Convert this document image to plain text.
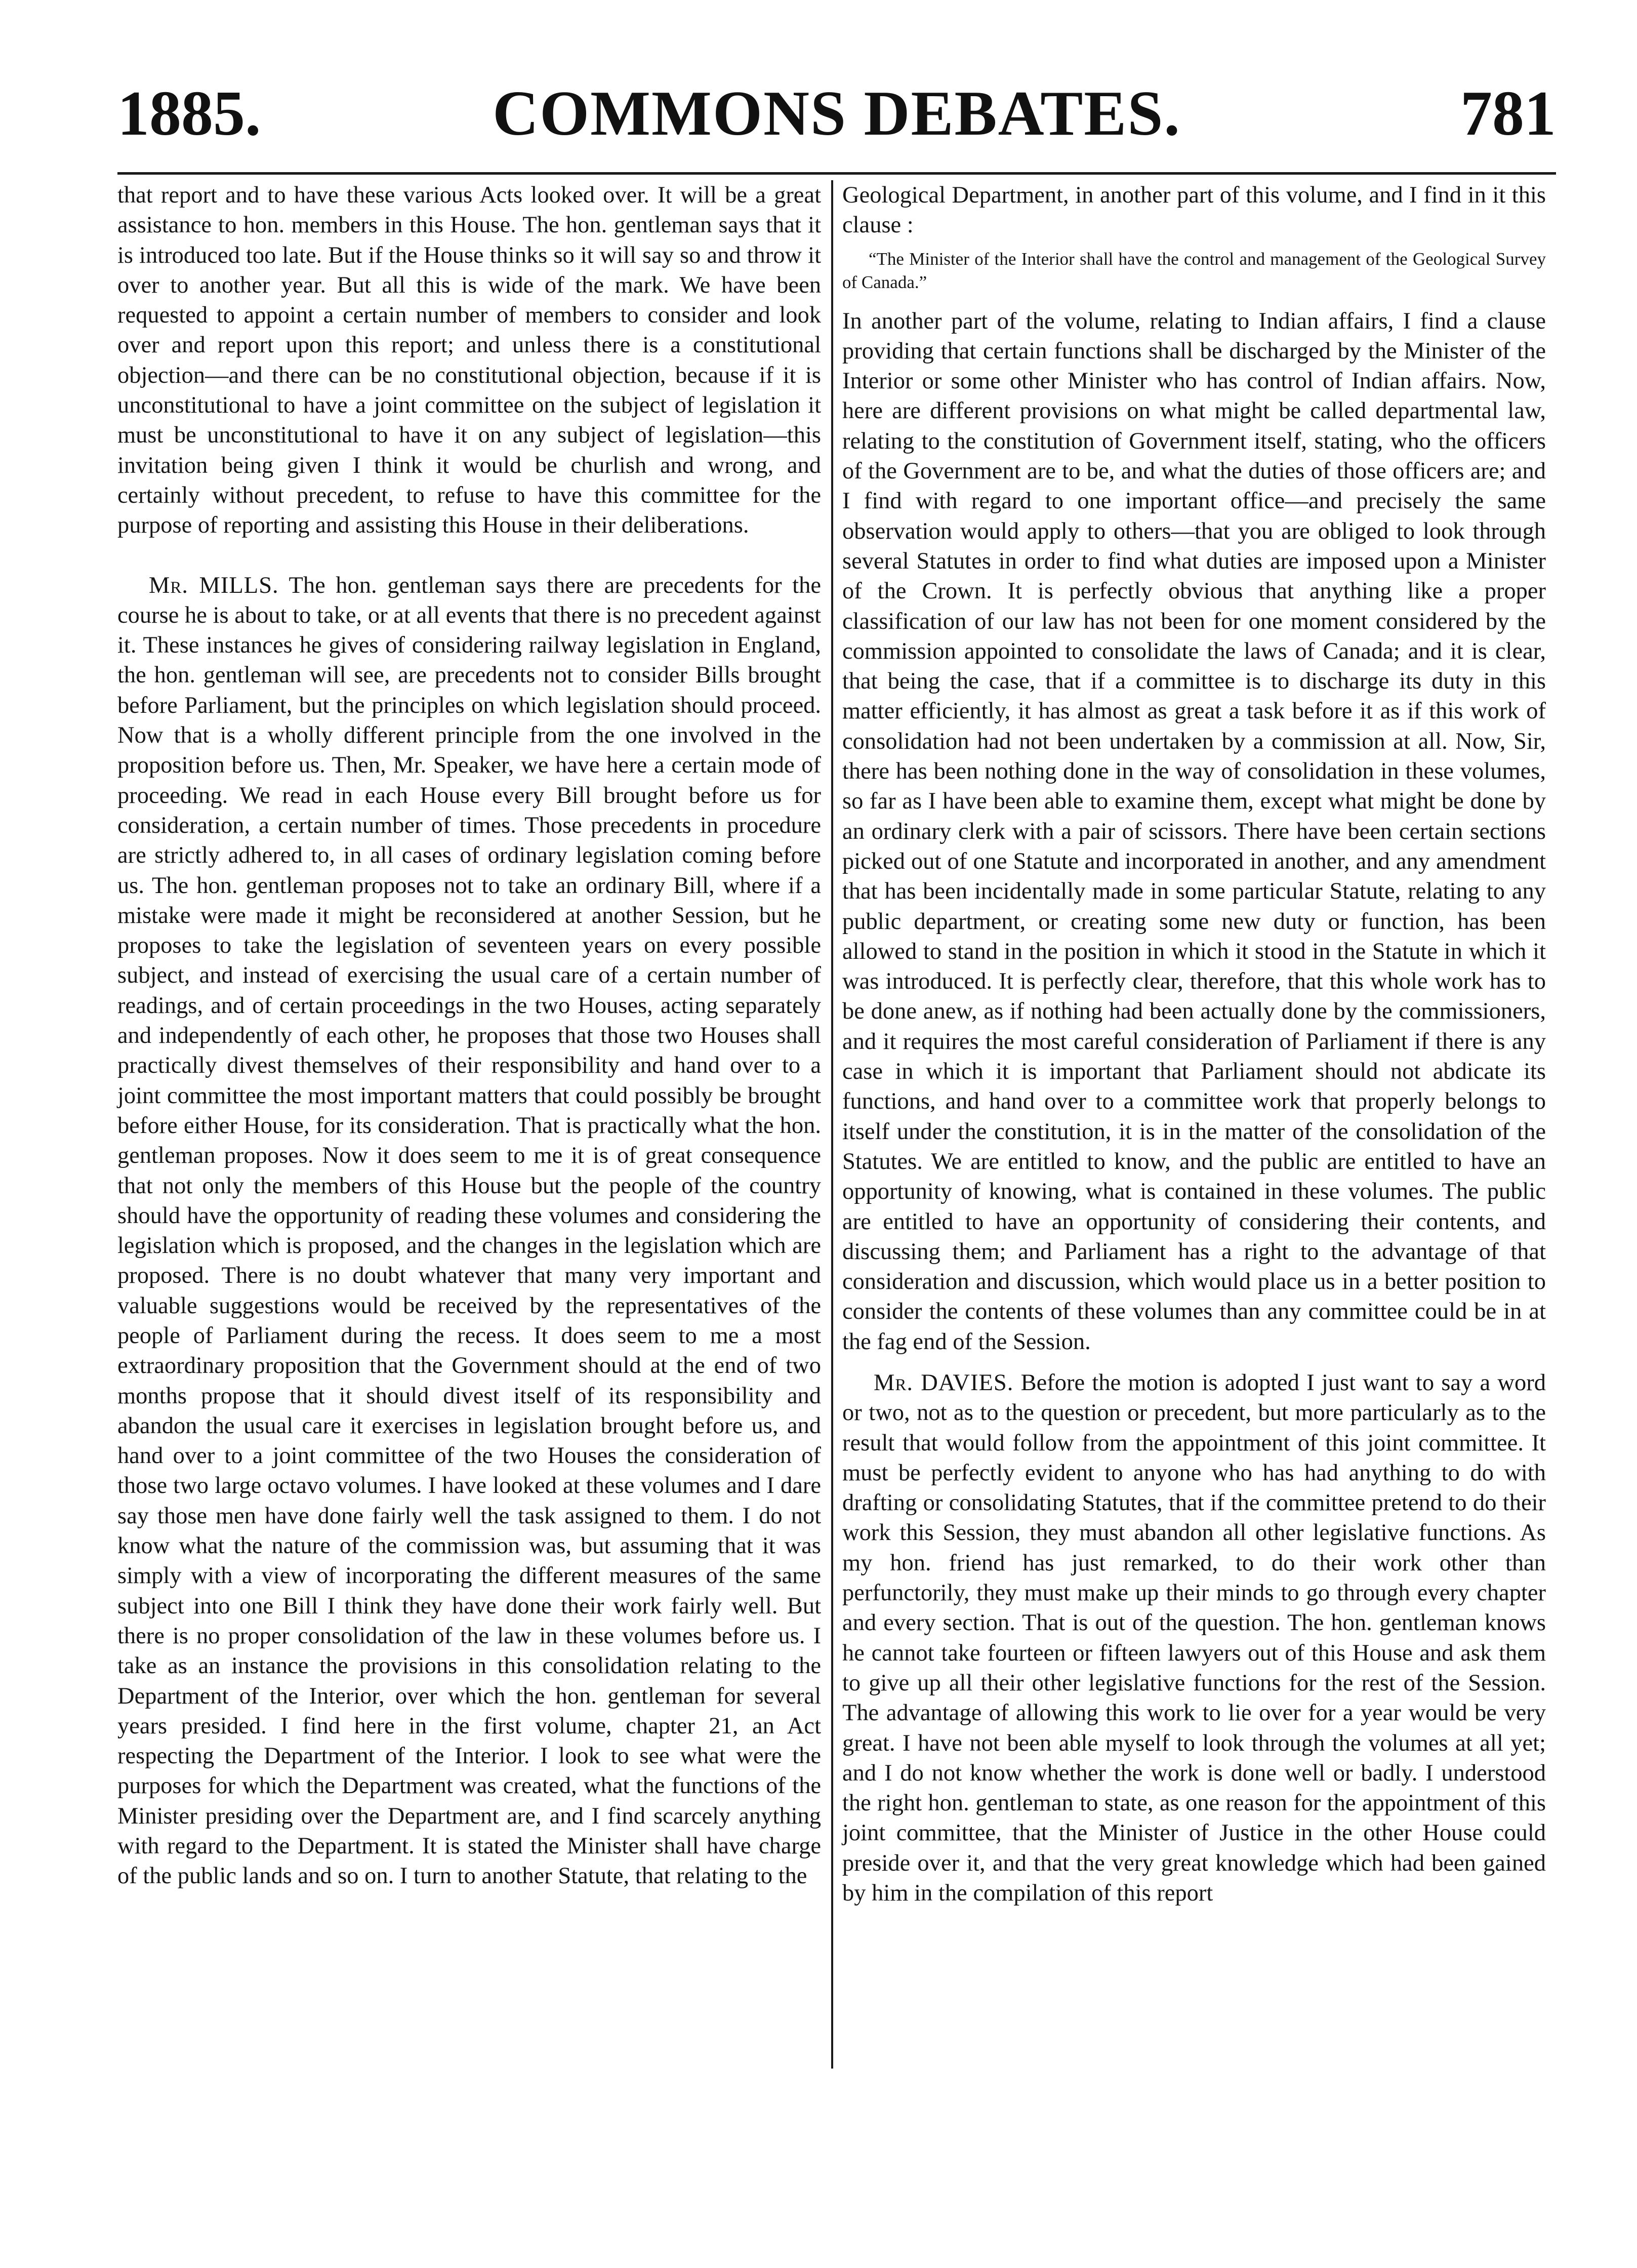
1885.	COMMONS DEBATES.	781

that report and to have these various Acts looked over. It will be a great assistance to hon. members in this House. The hon. gentleman says that it is introduced too late. But if the House thinks so it will say so and throw it over to another year. But all this is wide of the mark. We have been requested to appoint a certain number of members to consider and look over and report upon this report; and unless there is a constitutional objection—and there can be no constitutional objection, because if it is unconstitutional to have a joint committee on the subject of legislation it must be unconstitutional to have it on any subject of legislation—this invitation being given I think it would be churlish and wrong, and certainly without precedent, to refuse to have this committee for the purpose of reporting and assisting this House in their deliberations.

Mr. MILLS. The hon. gentleman says there are precedents for the course he is about to take, or at all events that there is no precedent against it. These instances he gives of considering railway legislation in England, the hon. gentleman will see, are precedents not to consider Bills brought before Parliament, but the principles on which legislation should proceed. Now that is a wholly different principle from the one involved in the proposition before us. Then, Mr. Speaker, we have here a certain mode of proceeding. We read in each House every Bill brought before us for consideration, a certain number of times. Those precedents in procedure are strictly adhered to, in all cases of ordinary legislation coming before us. The hon. gentleman proposes not to take an ordinary Bill, where if a mistake were made it might be reconsidered at another Session, but he proposes to take the legislation of seventeen years on every possible subject, and instead of exercising the usual care of a certain number of readings, and of certain proceedings in the two Houses, acting separately and independently of each other, he proposes that those two Houses shall practically divest themselves of their responsibility and hand over to a joint committee the most important matters that could possibly be brought before either House, for its consideration. That is practically what the hon. gentleman proposes. Now it does seem to me it is of great consequence that not only the members of this House but the people of the country should have the opportunity of reading these volumes and considering the legislation which is proposed, and the changes in the legislation which are proposed. There is no doubt whatever that many very important and valuable suggestions would be received by the representatives of the people of Parliament during the recess. It does seem to me a most extraordinary proposition that the Government should at the end of two months propose that it should divest itself of its responsibility and abandon the usual care it exercises in legislation brought before us, and hand over to a joint committee of the two Houses the consideration of those two large octavo volumes. I have looked at these volumes and I dare say those men have done fairly well the task assigned to them. I do not know what the nature of the commission was, but assuming that it was simply with a view of incorporating the different measures of the same subject into one Bill I think they have done their work fairly well. But there is no proper consolidation of the law in these volumes before us. I take as an instance the provisions in this consolidation relating to the Department of the Interior, over which the hon. gentleman for several years presided. I find here in the first volume, chapter 21, an Act respecting the Department of the Interior. I look to see what were the purposes for which the Department was created, what the functions of the Minister presiding over the Department are, and I find scarcely anything with regard to the Department. It is stated the Minister shall have charge of the public lands and so on. I turn to another Statute, that relating to the

Geological Department, in another part of this volume, and I find in it this clause :

“The Minister of the Interior shall have the control and management of the Geological Survey of Canada.”

In another part of the volume, relating to Indian affairs, I find a clause providing that certain functions shall be discharged by the Minister of the Interior or some other Minister who has control of Indian affairs. Now, here are different provisions on what might be called departmental law, relating to the constitution of Government itself, stating, who the officers of the Government are to be, and what the duties of those officers are; and I find with regard to one important office—and precisely the same observation would apply to others—that you are obliged to look through several Statutes in order to find what duties are imposed upon a Minister of the Crown. It is perfectly obvious that anything like a proper classification of our law has not been for one moment considered by the commission appointed to consolidate the laws of Canada; and it is clear, that being the case, that if a committee is to discharge its duty in this matter efficiently, it has almost as great a task before it as if this work of consolidation had not been undertaken by a commission at all. Now, Sir, there has been nothing done in the way of consolidation in these volumes, so far as I have been able to examine them, except what might be done by an ordinary clerk with a pair of scissors. There have been certain sections picked out of one Statute and incorporated in another, and any amendment that has been incidentally made in some particular Statute, relating to any public department, or creating some new duty or function, has been allowed to stand in the position in which it stood in the Statute in which it was introduced. It is perfectly clear, therefore, that this whole work has to be done anew, as if nothing had been actually done by the commissioners, and it requires the most careful consideration of Parliament if there is any case in which it is important that Parliament should not abdicate its functions, and hand over to a committee work that properly belongs to itself under the constitution, it is in the matter of the consolidation of the Statutes. We are entitled to know, and the public are entitled to have an opportunity of knowing, what is contained in these volumes. The public are entitled to have an opportunity of considering their contents, and discussing them; and Parliament has a right to the advantage of that consideration and discussion, which would place us in a better position to consider the contents of these volumes than any committee could be in at the fag end of the Session.

Mr. DAVIES. Before the motion is adopted I just want to say a word or two, not as to the question or precedent, but more particularly as to the result that would follow from the appointment of this joint committee. It must be perfectly evident to anyone who has had anything to do with drafting or consolidating Statutes, that if the committee pretend to do their work this Session, they must abandon all other legislative functions. As my hon. friend has just remarked, to do their work other than perfunctorily, they must make up their minds to go through every chapter and every section. That is out of the question. The hon. gentleman knows he cannot take fourteen or fifteen lawyers out of this House and ask them to give up all their other legislative functions for the rest of the Session. The advantage of allowing this work to lie over for a year would be very great. I have not been able myself to look through the volumes at all yet; and I do not know whether the work is done well or badly. I understood the right hon. gentleman to state, as one reason for the appointment of this joint committee, that the Minister of Justice in the other House could preside over it, and that the very great knowledge which had been gained by him in the compilation of this report
